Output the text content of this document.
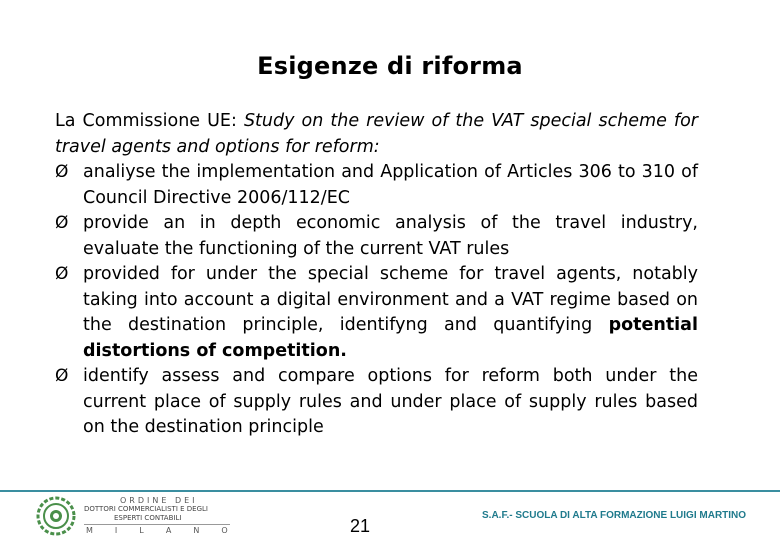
Esigenze di riforma

La Commissione UE: Study on the review of the VAT special scheme for travel agents and options for reform:

Ø analiyse the implementation and Application of Articles 306 to 310 of Council Directive 2006/112/EC
Ø provide an in depth economic analysis of the travel industry, evaluate the functioning of the current VAT rules
Ø provided for under the special scheme for travel agents, notably taking into account a digital environment and a VAT regime based on the destination principle, identifyng and quantifying potential distortions of competition.
Ø identify assess and compare options for reform both under the current place of supply rules and under place of supply rules based on the destination principle
ORDINE DEI
DOTTORI COMMERCIALISTI E DEGLI
ESPERTI CONTABILI
MILANO	21
S.A.F.- SCUOLA DI ALTA FORMAZIONE LUIGI MARTINO
